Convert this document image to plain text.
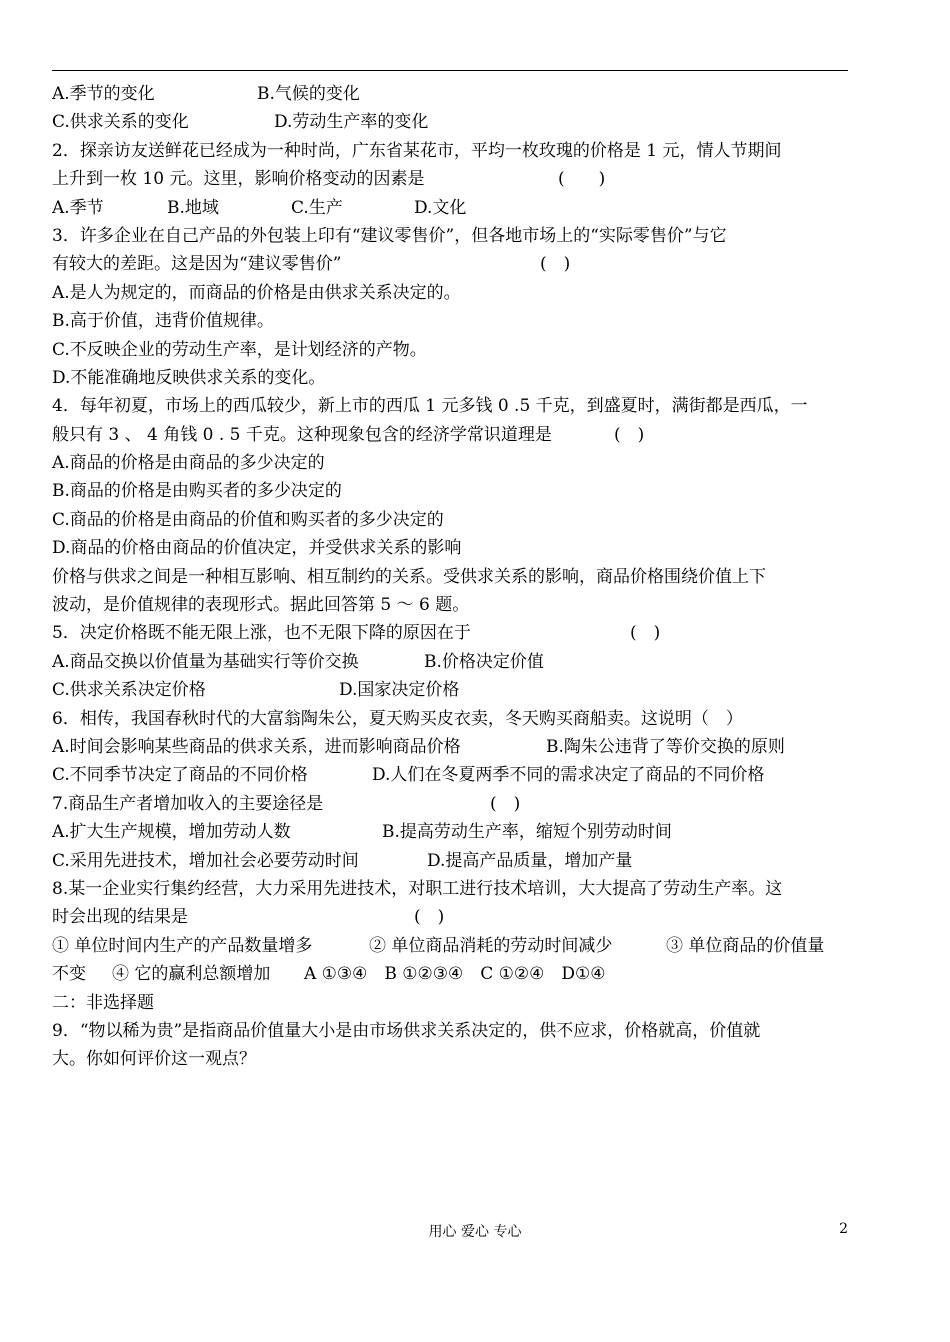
A.季节的变化	B.气候的变化
C.供求关系的变化	D.劳动生产率的变化
2．探亲访友送鲜花已经成为一种时尚，广东省某花市，平均一枚玫瑰的价格是 1 元，情人节期间
上升到一枚 10 元。这里，影响价格变动的因素是	(　　)
A.季节	B.地域	C.生产	D.文化
3．许多企业在自己产品的外包装上印有“建议零售价”，但各地市场上的“实际零售价”与它
有较大的差距。这是因为“建议零售价”	(　)
A.是人为规定的，而商品的价格是由供求关系决定的。
B.高于价值，违背价值规律。
C.不反映企业的劳动生产率，是计划经济的产物。
D.不能准确地反映供求关系的变化。
4．每年初夏，市场上的西瓜较少，新上市的西瓜 1 元多钱 0 .5 千克，到盛夏时，满街都是西瓜，一
般只有 3 、 4 角钱 0 . 5 千克。这种现象包含的经济学常识道理是	(　)
A.商品的价格是由商品的多少决定的
B.商品的价格是由购买者的多少决定的
C.商品的价格是由商品的价值和购买者的多少决定的
D.商品的价格由商品的价值决定，并受供求关系的影响
价格与供求之间是一种相互影响、相互制约的关系。受供求关系的影响，商品价格围绕价值上下
波动，是价值规律的表现形式。据此回答第 5 ～ 6 题。
5．决定价格既不能无限上涨，也不无限下降的原因在于	(　)
A.商品交换以价值量为基础实行等价交换	B.价格决定价值
C.供求关系决定价格	D.国家决定价格
6．相传，我国春秋时代的大富翁陶朱公，夏天购买皮衣卖，冬天购买商船卖。这说明（　）
A.时间会影响某些商品的供求关系，进而影响商品价格	B.陶朱公违背了等价交换的原则
C.不同季节决定了商品的不同价格	D.人们在冬夏两季不同的需求决定了商品的不同价格
7.商品生产者增加收入的主要途径是	(　)
A.扩大生产规模，增加劳动人数	B.提高劳动生产率，缩短个别劳动时间
C.采用先进技术，增加社会必要劳动时间	D.提高产品质量，增加产量
8.某一企业实行集约经营，大力采用先进技术，对职工进行技术培训，大大提高了劳动生产率。这
时会出现的结果是	(　)
① 单位时间内生产的产品数量增多	② 单位商品消耗的劳动时间减少	③ 单位商品的价值量
不变	④ 它的赢利总额增加	A ①③④　B ①②③④　C ①②④　D①④
二：非选择题
9．“物以稀为贵”是指商品价值量大小是由市场供求关系决定的，供不应求，价格就高，价值就
大。你如何评价这一观点？
用心 爱心 专心	2
